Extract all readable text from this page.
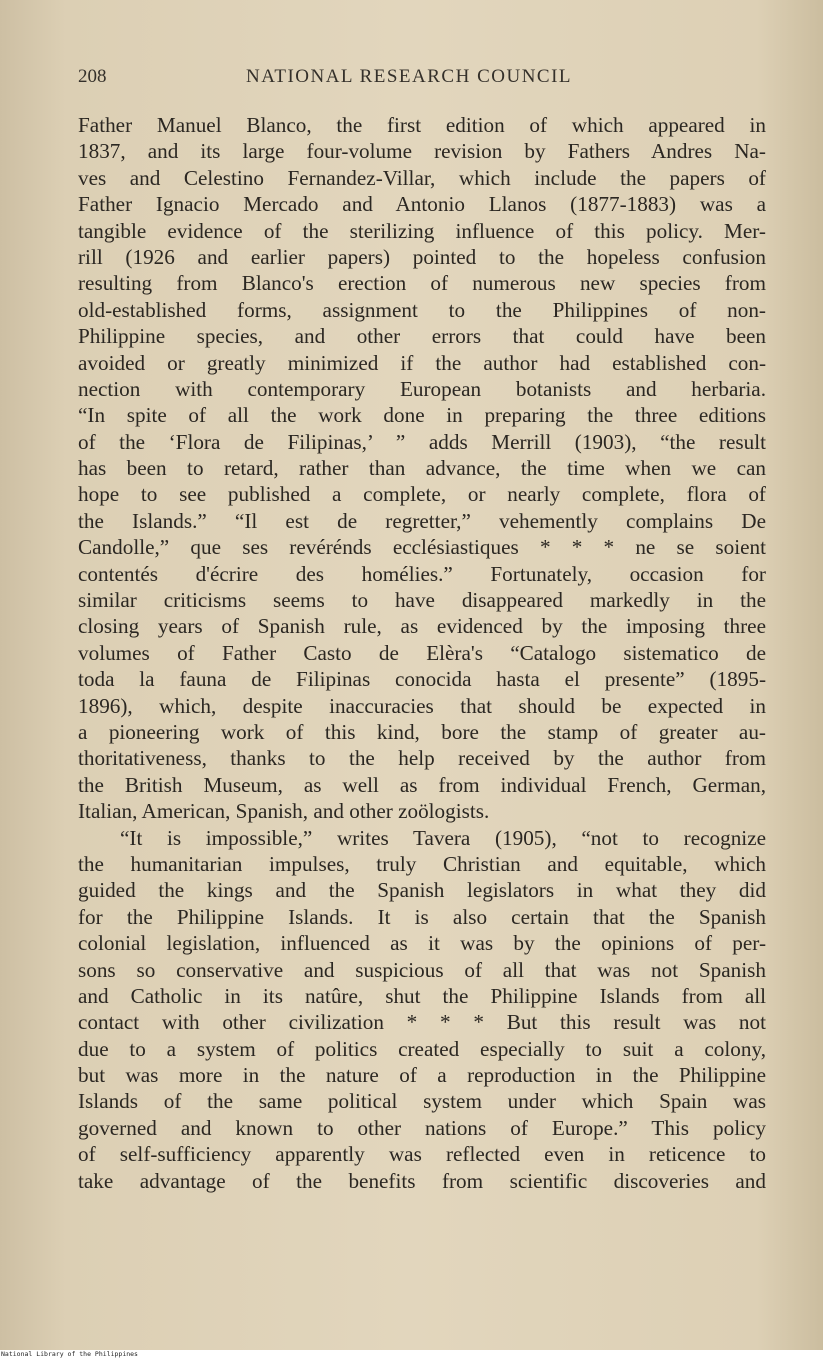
208	NATIONAL RESEARCH COUNCIL
Father Manuel Blanco, the first edition of which appeared in
1837, and its large four-volume revision by Fathers Andres Na-
ves and Celestino Fernandez-Villar, which include the papers of
Father Ignacio Mercado and Antonio Llanos (1877-1883) was a
tangible evidence of the sterilizing influence of this policy. Mer-
rill (1926 and earlier papers) pointed to the hopeless confusion
resulting from Blanco's erection of numerous new species from
old-established forms, assignment to the Philippines of non-
Philippine species, and other errors that could have been
avoided or greatly minimized if the author had established con-
nection with contemporary European botanists and herbaria.
“In spite of all the work done in preparing the three editions
of the ‘Flora de Filipinas,’ ” adds Merrill (1903), “the result
has been to retard, rather than advance, the time when we can
hope to see published a complete, or nearly complete, flora of
the Islands.” “Il est de regretter,” vehemently complains De
Candolle,” que ses revérénds ecclésiastiques * * * ne se soient
contentés d'écrire des homélies.” Fortunately, occasion for
similar criticisms seems to have disappeared markedly in the
closing years of Spanish rule, as evidenced by the imposing three
volumes of Father Casto de Elèra's “Catalogo sistematico de
toda la fauna de Filipinas conocida hasta el presente” (1895-
1896), which, despite inaccuracies that should be expected in
a pioneering work of this kind, bore the stamp of greater au-
thoritativeness, thanks to the help received by the author from
the British Museum, as well as from individual French, German,
Italian, American, Spanish, and other zoölogists.
“It is impossible,” writes Tavera (1905), “not to recognize
the humanitarian impulses, truly Christian and equitable, which
guided the kings and the Spanish legislators in what they did
for the Philippine Islands. It is also certain that the Spanish
colonial legislation, influenced as it was by the opinions of per-
sons so conservative and suspicious of all that was not Spanish
and Catholic in its natûre, shut the Philippine Islands from all
contact with other civilization * * * But this result was not
due to a system of politics created especially to suit a colony,
but was more in the nature of a reproduction in the Philippine
Islands of the same political system under which Spain was
governed and known to other nations of Europe.” This policy
of self-sufficiency apparently was reflected even in reticence to
take advantage of the benefits from scientific discoveries and
National Library of the Philippines
